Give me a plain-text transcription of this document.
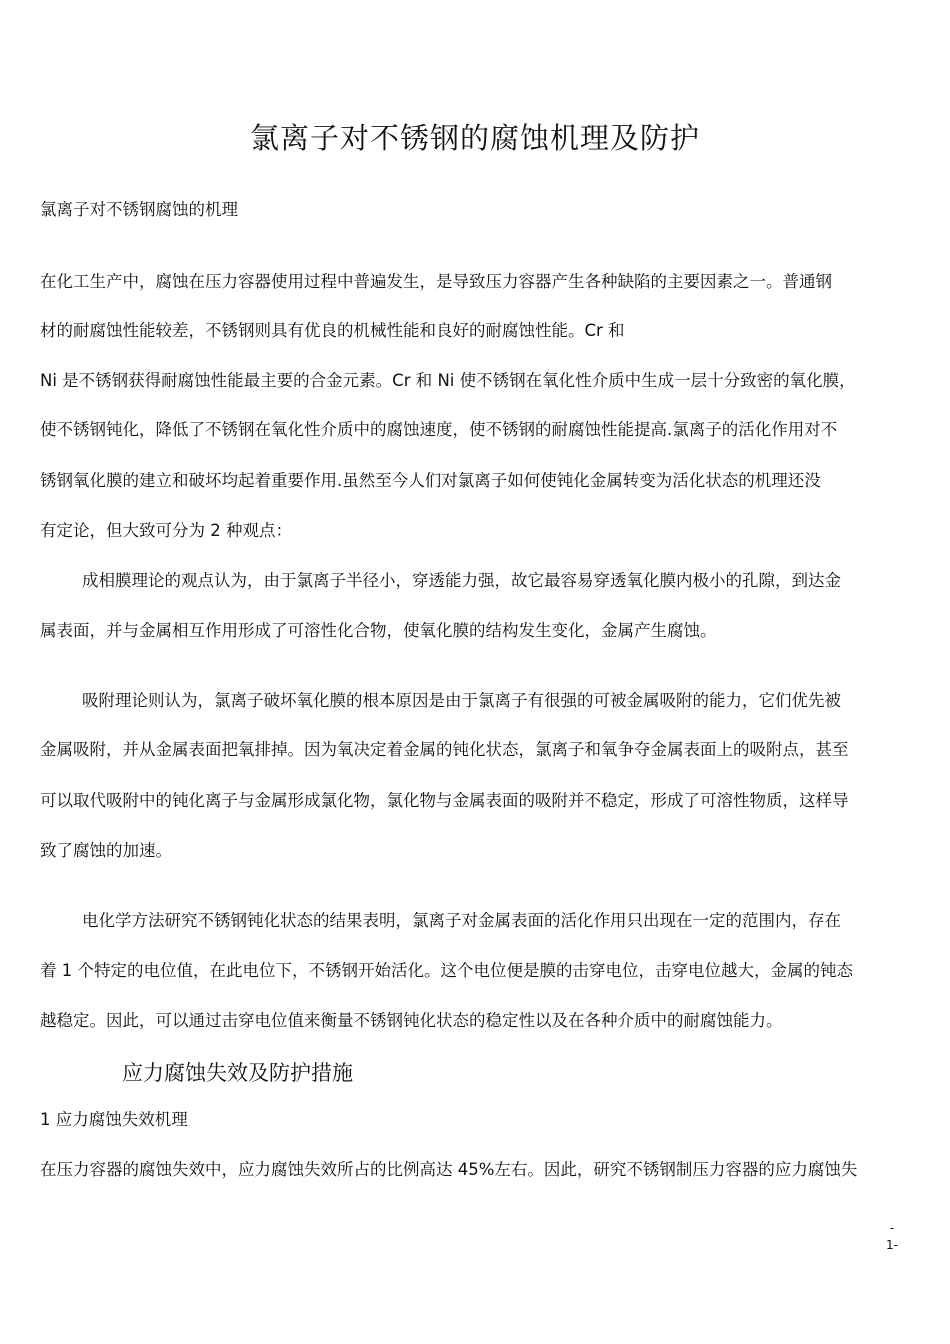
氯离子对不锈钢的腐蚀机理及防护
氯离子对不锈钢腐蚀的机理
在化工生产中，腐蚀在压力容器使用过程中普遍发生，是导致压力容器产生各种缺陷的主要因素之一。普通钢
材的耐腐蚀性能较差，不锈钢则具有优良的机械性能和良好的耐腐蚀性能。Cr 和
Ni 是不锈钢获得耐腐蚀性能最主要的合金元素。Cr 和 Ni 使不锈钢在氧化性介质中生成一层十分致密的氧化膜，
使不锈钢钝化，降低了不锈钢在氧化性介质中的腐蚀速度，使不锈钢的耐腐蚀性能提高.氯离子的活化作用对不
锈钢氧化膜的建立和破坏均起着重要作用.虽然至今人们对氯离子如何使钝化金属转变为活化状态的机理还没
有定论，但大致可分为 2 种观点：
成相膜理论的观点认为，由于氯离子半径小，穿透能力强，故它最容易穿透氧化膜内极小的孔隙，到达金
属表面，并与金属相互作用形成了可溶性化合物，使氧化膜的结构发生变化，金属产生腐蚀。
吸附理论则认为，氯离子破坏氧化膜的根本原因是由于氯离子有很强的可被金属吸附的能力，它们优先被
金属吸附，并从金属表面把氧排掉。因为氧决定着金属的钝化状态，氯离子和氧争夺金属表面上的吸附点，甚至
可以取代吸附中的钝化离子与金属形成氯化物，氯化物与金属表面的吸附并不稳定，形成了可溶性物质，这样导
致了腐蚀的加速。
电化学方法研究不锈钢钝化状态的结果表明，氯离子对金属表面的活化作用只出现在一定的范围内，存在
着 1 个特定的电位值，在此电位下，不锈钢开始活化。这个电位便是膜的击穿电位，击穿电位越大，金属的钝态
越稳定。因此，可以通过击穿电位值来衡量不锈钢钝化状态的稳定性以及在各种介质中的耐腐蚀能力。
应力腐蚀失效及防护措施
1 应力腐蚀失效机理
在压力容器的腐蚀失效中，应力腐蚀失效所占的比例高达 45%左右。因此，研究不锈钢制压力容器的应力腐蚀失
-
1-
